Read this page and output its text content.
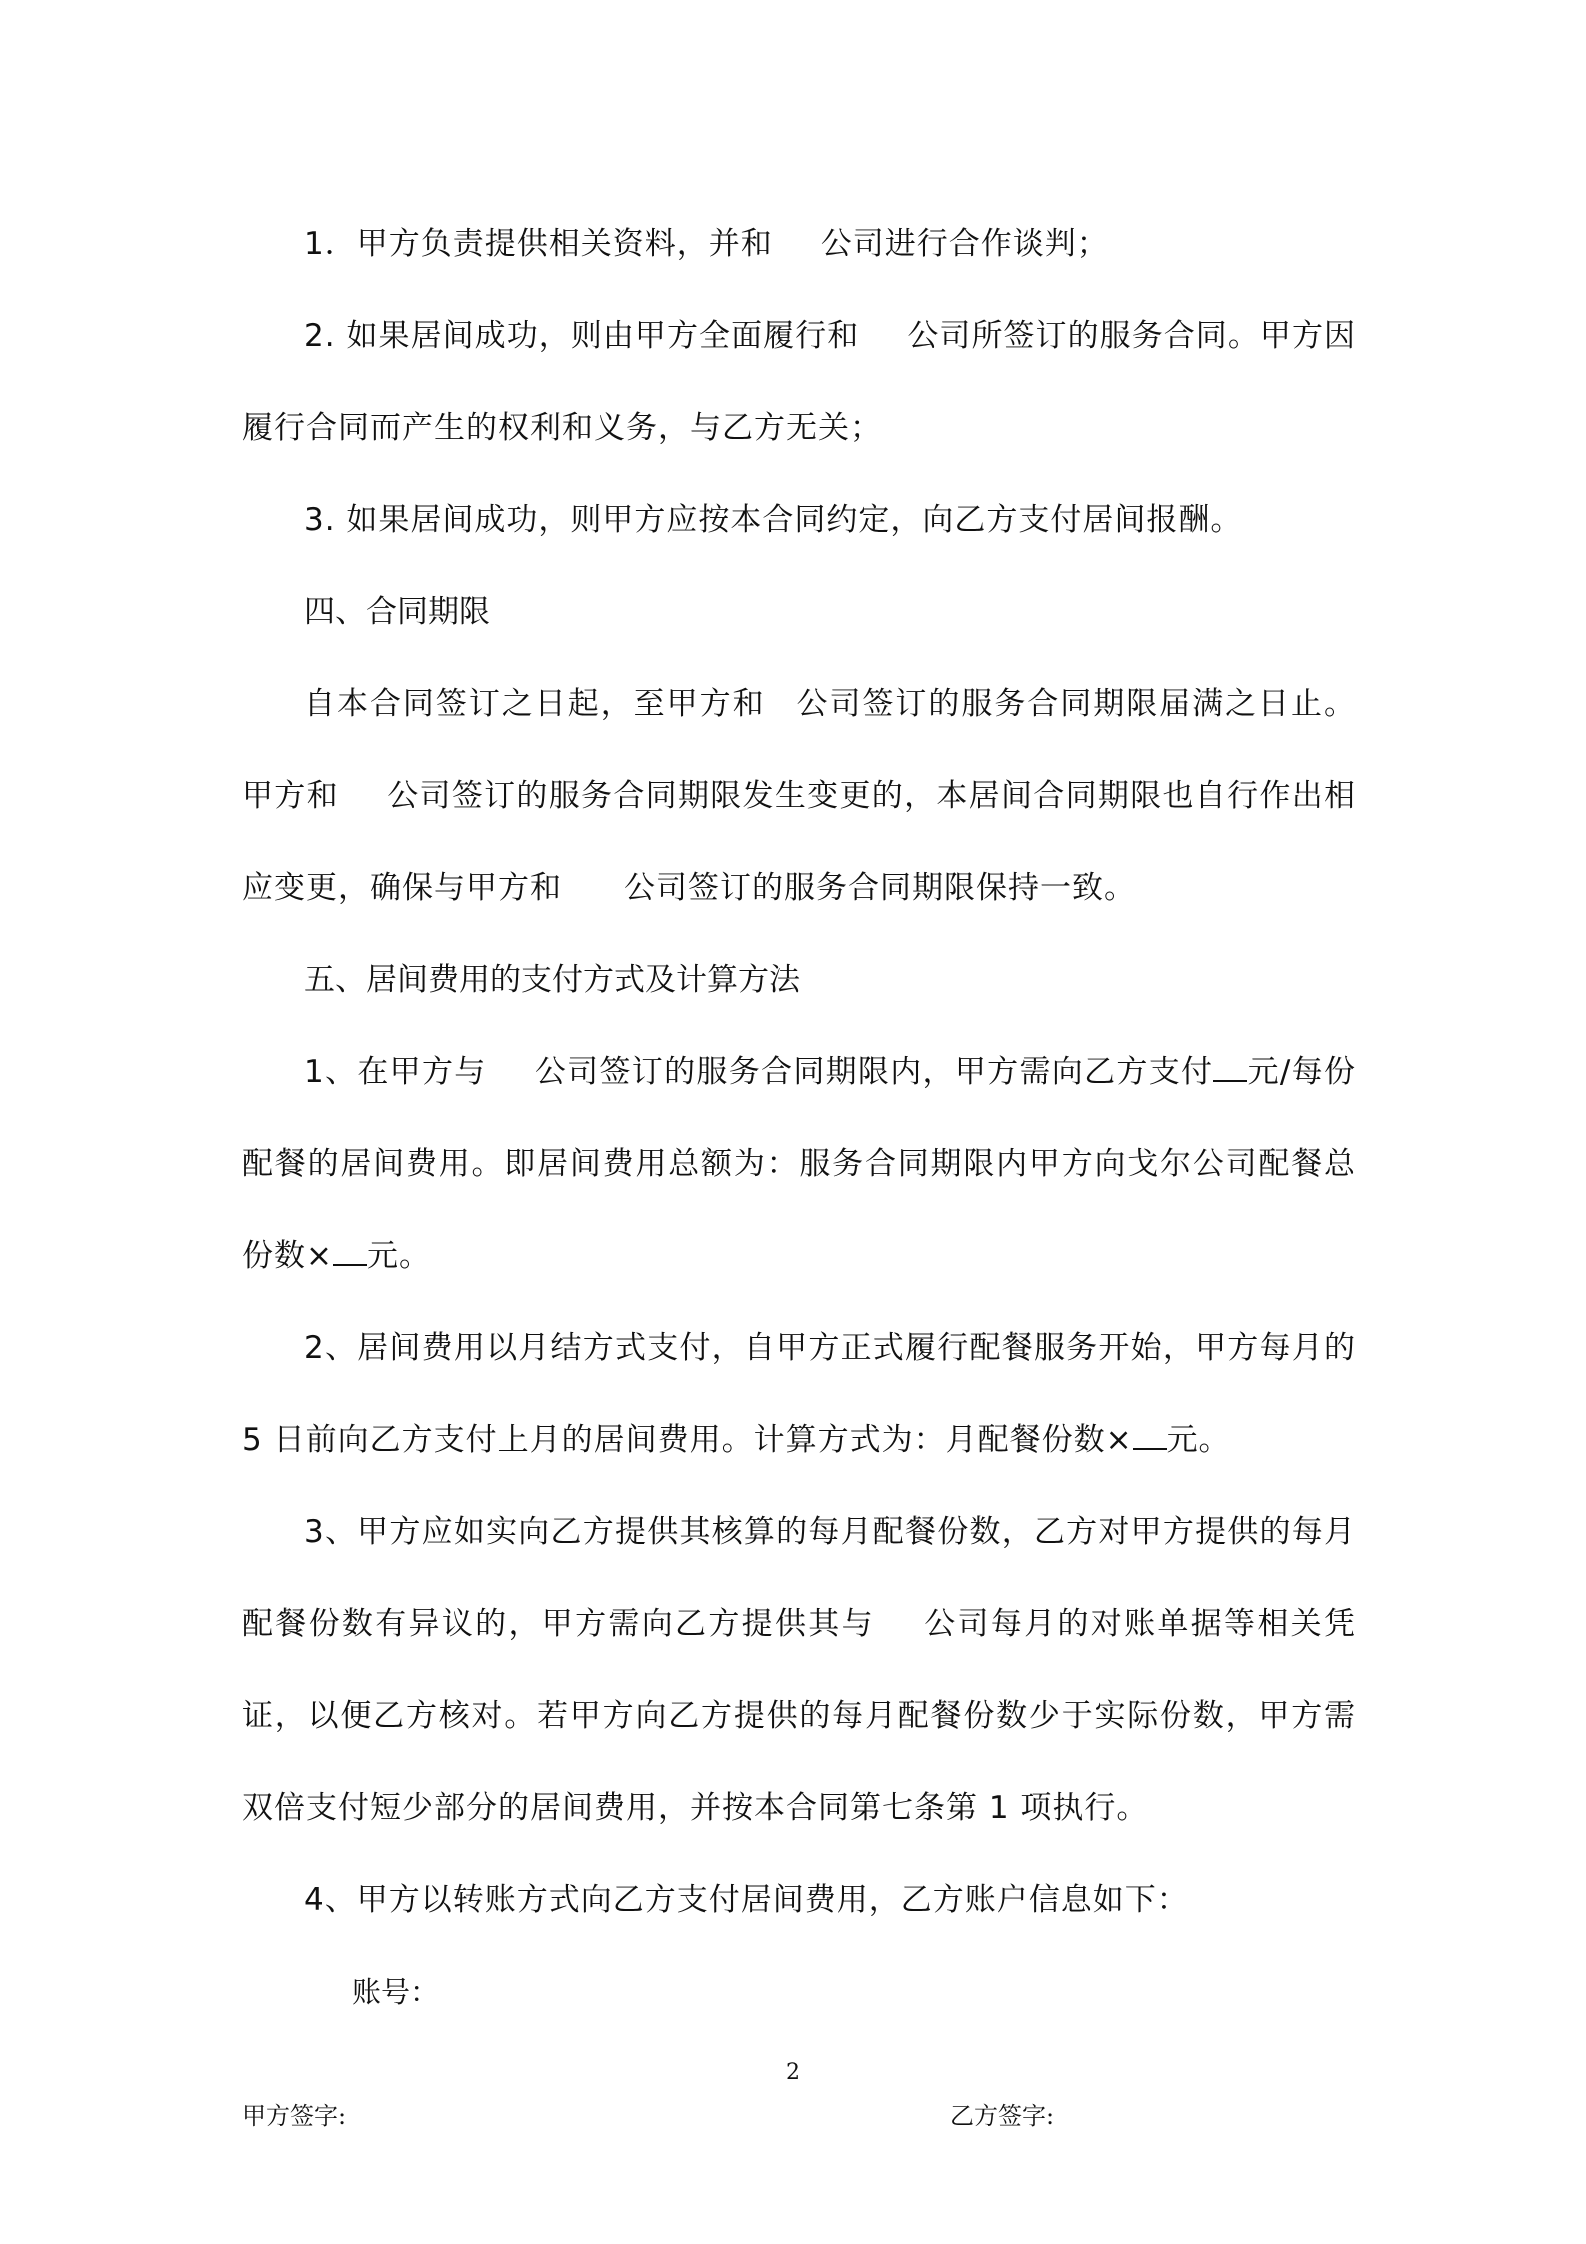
1．甲方负责提供相关资料，并和 公司进行合作谈判；

2. 如果居间成功，则由甲方全面履行和 公司所签订的服务合同。甲方因履行合同而产生的权利和义务，与乙方无关；

3. 如果居间成功，则甲方应按本合同约定，向乙方支付居间报酬。

四、合同期限

自本合同签订之日起，至甲方和 公司签订的服务合同期限届满之日止。甲方和 公司签订的服务合同期限发生变更的，本居间合同期限也自行作出相应变更，确保与甲方和 公司签订的服务合同期限保持一致。

五、居间费用的支付方式及计算方法

1、在甲方与 公司签订的服务合同期限内，甲方需向乙方支付 元/每份配餐的居间费用。即居间费用总额为：服务合同期限内甲方向戈尔公司配餐总份数× 元。

2、居间费用以月结方式支付，自甲方正式履行配餐服务开始，甲方每月的 5 日前向乙方支付上月的居间费用。计算方式为：月配餐份数× 元。

3、甲方应如实向乙方提供其核算的每月配餐份数，乙方对甲方提供的每月配餐份数有异议的，甲方需向乙方提供其与 公司每月的对账单据等相关凭证，以便乙方核对。若甲方向乙方提供的每月配餐份数少于实际份数，甲方需双倍支付短少部分的居间费用，并按本合同第七条第 1 项执行。

4、甲方以转账方式向乙方支付居间费用，乙方账户信息如下：

账号：

2
甲方签字:	乙方签字:
